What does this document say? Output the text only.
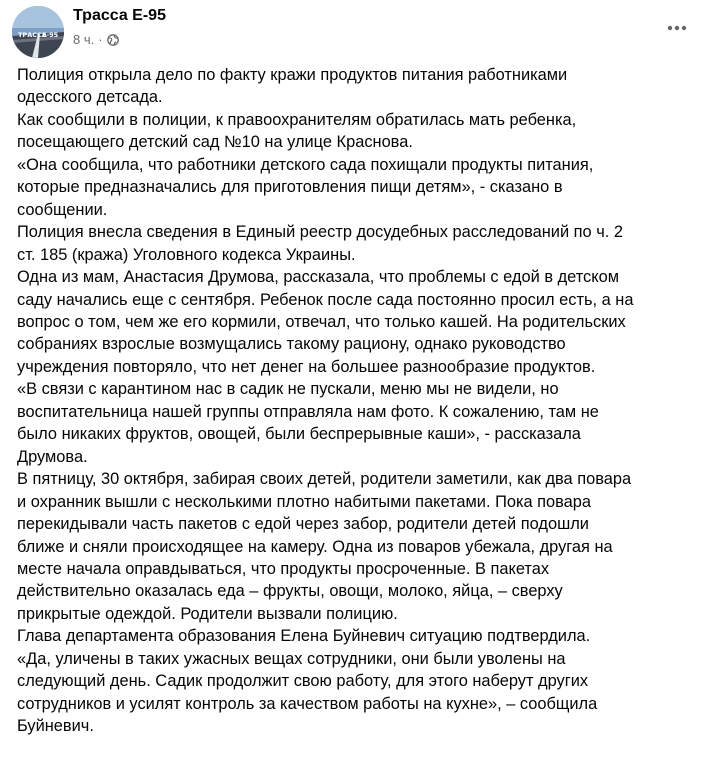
ТРАССА
Е-95
Трасса Е-95
8 ч. ·
Полиция открыла дело по факту кражи продуктов питания работниками
одесского детсада.
Как сообщили в полиции, к правоохранителям обратилась мать ребенка,
посещающего детский сад №10 на улице Краснова.
«Она сообщила, что работники детского сада похищали продукты питания,
которые предназначались для приготовления пищи детям», - сказано в
сообщении.
Полиция внесла сведения в Единый реестр досудебных расследований по ч. 2
ст. 185 (кража) Уголовного кодекса Украины.
Одна из мам, Анастасия Друмова, рассказала, что проблемы с едой в детском
саду начались еще с сентября. Ребенок после сада постоянно просил есть, а на
вопрос о том, чем же его кормили, отвечал, что только кашей. На родительских
собраниях взрослые возмущались такому рациону, однако руководство
учреждения повторяло, что нет денег на большее разнообразие продуктов.
«В связи с карантином нас в садик не пускали, меню мы не видели, но
воспитательница нашей группы отправляла нам фото. К сожалению, там не
было никаких фруктов, овощей, были беспрерывные каши», - рассказала
Друмова.
В пятницу, 30 октября, забирая своих детей, родители заметили, как два повара
и охранник вышли с несколькими плотно набитыми пакетами. Пока повара
перекидывали часть пакетов с едой через забор, родители детей подошли
ближе и сняли происходящее на камеру. Одна из поваров убежала, другая на
месте начала оправдываться, что продукты просроченные. В пакетах
действительно оказалась еда – фрукты, овощи, молоко, яйца, – сверху
прикрытые одеждой. Родители вызвали полицию.
Глава департамента образования Елена Буйневич ситуацию подтвердила.
«Да, уличены в таких ужасных вещах сотрудники, они были уволены на
следующий день. Садик продолжит свою работу, для этого наберут других
сотрудников и усилят контроль за качеством работы на кухне», – сообщила
Буйневич.
